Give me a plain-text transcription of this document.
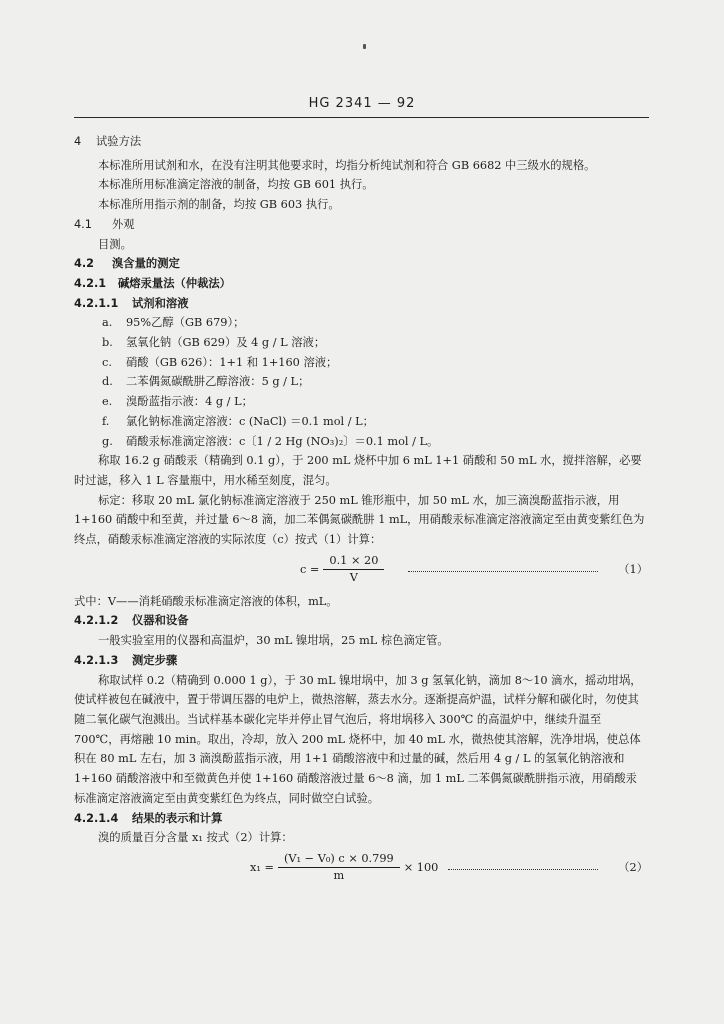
HG 2341 — 92

4 试验方法

本标准所用试剂和水，在没有注明其他要求时，均指分析纯试剂和符合 GB 6682 中三级水的规格。

本标准所用标准滴定溶液的制备，均按 GB 601 执行。

本标准所用指示剂的制备，均按 GB 603 执行。

4.1 外观

目测。

4.2 溴含量的测定

4.2.1 碱熔汞量法（仲裁法）

4.2.1.1 试剂和溶液

a. 95%乙醇（GB 679）；
b. 氢氧化钠（GB 629）及 4 g / L 溶液；
c. 硝酸（GB 626）：1+1 和 1+160 溶液；
d. 二苯偶氮碳酰肼乙醇溶液：5 g / L；
e. 溴酚蓝指示液：4 g / L；
f. 氯化钠标准滴定溶液：c (NaCl) ＝0.1 mol / L；
g. 硝酸汞标准滴定溶液：c〔1 / 2 Hg (NO₃)₂〕＝0.1 mol / L。

称取 16.2 g 硝酸汞（精确到 0.1 g），于 200 mL 烧杯中加 6 mL 1+1 硝酸和 50 mL 水，搅拌溶解，必要时过滤，移入 1 L 容量瓶中，用水稀至刻度，混匀。

标定：移取 20 mL 氯化钠标准滴定溶液于 250 mL 锥形瓶中，加 50 mL 水，加三滴溴酚蓝指示液，用 1+160 硝酸中和至黄，并过量 6～8 滴，加二苯偶氮碳酰肼 1 mL，用硝酸汞标准滴定溶液滴定至由黄变紫红色为终点，硝酸汞标准滴定溶液的实际浓度（c）按式（1）计算：

$c = \frac{0.1 \times 20}{V}$	（1）

式中：V——消耗硝酸汞标准滴定溶液的体积，mL。

4.2.1.2 仪器和设备

一般实验室用的仪器和高温炉，30 mL 镍坩埚，25 mL 棕色滴定管。

4.2.1.3 测定步骤

称取试样 0.2（精确到 0.000 1 g），于 30 mL 镍坩埚中，加 3 g 氢氧化钠，滴加 8～10 滴水，摇动坩埚，使试样被包在碱液中，置于带调压器的电炉上，微热溶解，蒸去水分。逐渐提高炉温，试样分解和碳化时，勿使其随二氧化碳气泡溅出。当试样基本碳化完毕并停止冒气泡后，将坩埚移入 300℃ 的高温炉中，继续升温至 700℃，再熔融 10 min。取出，冷却，放入 200 mL 烧杯中，加 40 mL 水，微热使其溶解，洗净坩埚，使总体积在 80 mL 左右，加 3 滴溴酚蓝指示液，用 1+1 硝酸溶液中和过量的碱，然后用 4 g / L 的氢氧化钠溶液和 1+160 硝酸溶液中和至微黄色并使 1+160 硝酸溶液过量 6～8 滴，加 1 mL 二苯偶氮碳酰肼指示液，用硝酸汞标准滴定溶液滴定至由黄变紫红色为终点，同时做空白试验。

4.2.1.4 结果的表示和计算

溴的质量百分含量 x₁ 按式（2）计算：

$x_1 = \frac{\text{(V₁ − V₀) c × 0.799}}{m} \times 100$	（2）
